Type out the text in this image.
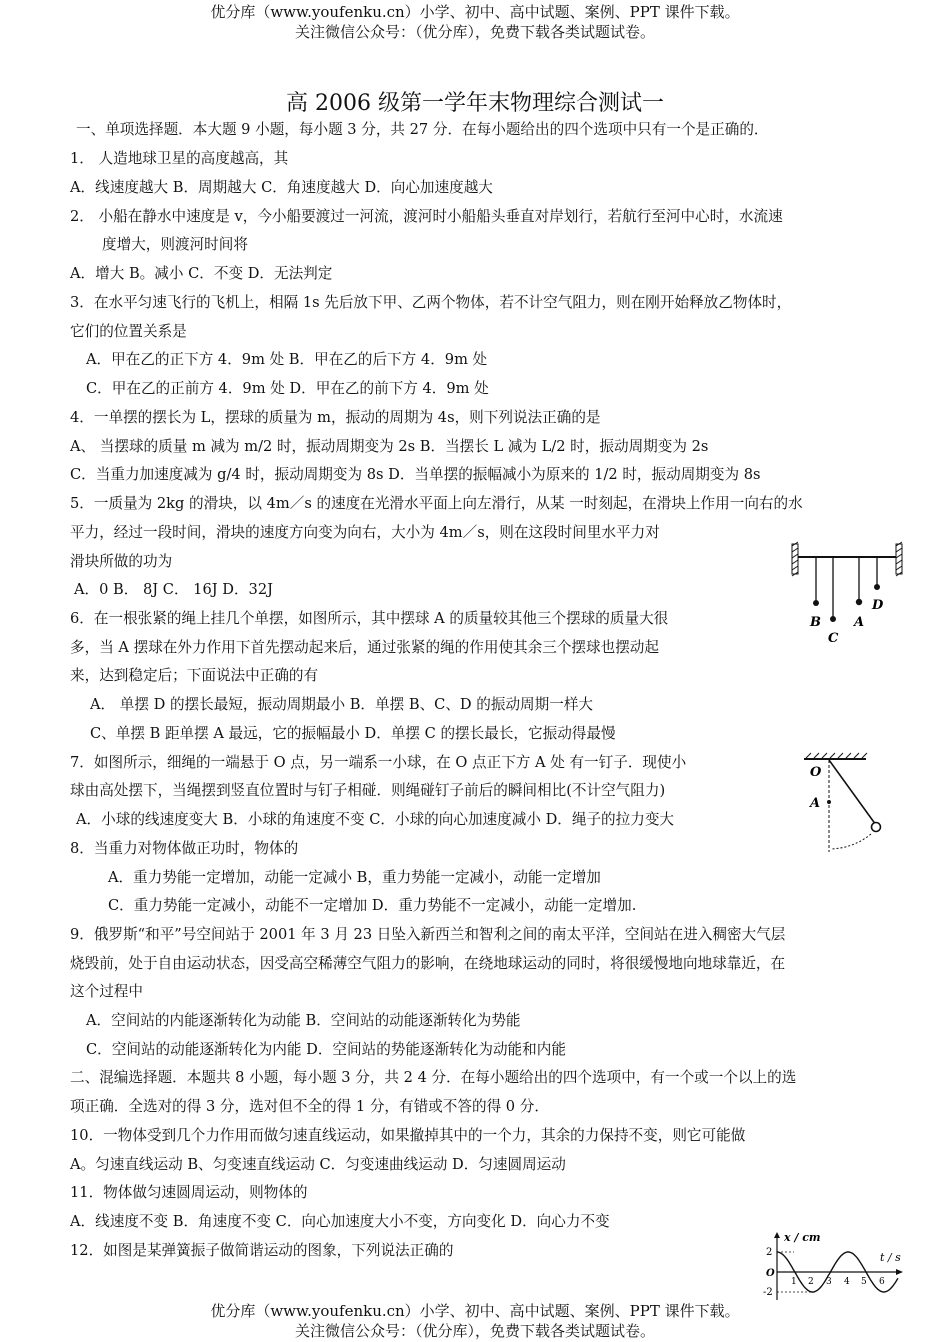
优分库（www.youfenku.cn）小学、初中、高中试题、案例、PPT 课件下载。
关注微信公众号：（优分库），免费下载各类试题试卷。
高 2006 级第一学年末物理综合测试一
一、单项选择题．本大题 9 小题，每小题 3 分，共 27 分．在每小题给出的四个选项中只有一个是正确的．
1． 人造地球卫星的高度越高，其
A．线速度越大 B．周期越大 C．角速度越大 D．向心加速度越大
2． 小船在静水中速度是 v，今小船要渡过一河流，渡河时小船船头垂直对岸划行，若航行至河中心时，水流速
度增大，则渡河时间将
A．增大 B。减小 C．不变 D．无法判定
3．在水平匀速飞行的飞机上，相隔 1s 先后放下甲、乙两个物体，若不计空气阻力，则在刚开始释放乙物体时，
它们的位置关系是
A．甲在乙的正下方 4．9m 处 B．甲在乙的后下方 4．9m 处
C．甲在乙的正前方 4．9m 处 D．甲在乙的前下方 4．9m 处
4．一单摆的摆长为 L，摆球的质量为 m，振动的周期为 4s，则下列说法正确的是
A、 当摆球的质量 m 减为 m/2 时，振动周期变为 2s B．当摆长 L 减为 L/2 时，振动周期变为 2s
C．当重力加速度减为 g/4 时，振动周期变为 8s D．当单摆的振幅减小为原来的 1/2 时，振动周期变为 8s
5．一质量为 2kg 的滑块，以 4m／s 的速度在光滑水平面上向左滑行，从某 一时刻起，在滑块上作用一向右的水
平力，经过一段时间，滑块的速度方向变为向右，大小为 4m／s，则在这段时间里水平力对
滑块所做的功为
A．0 B． 8J C． 16J D．32J
6．在一根张紧的绳上挂几个单摆，如图所示，其中摆球 A 的质量较其他三个摆球的质量大很
多，当 A 摆球在外力作用下首先摆动起来后，通过张紧的绳的作用使其余三个摆球也摆动起
来，达到稳定后；下面说法中正确的有
A． 单摆 D 的摆长最短，振动周期最小 B．单摆 B、C、D 的振动周期一样大
C、单摆 B 距单摆 A 最远，它的振幅最小 D．单摆 C 的摆长最长，它振动得最慢
7．如图所示，细绳的一端悬于 O 点，另一端系一小球，在 O 点正下方 A 处 有一钉子．现使小
球由高处摆下，当绳摆到竖直位置时与钉子相碰．则绳碰钉子前后的瞬间相比(不计空气阻力)
A．小球的线速度变大 B．小球的角速度不变 C．小球的向心加速度减小 D．绳子的拉力变大
8．当重力对物体做正功时，物体的
A．重力势能一定增加，动能一定减小 B，重力势能一定减小，动能一定增加
C．重力势能一定减小，动能不一定增加 D．重力势能不一定减小，动能一定增加.
9．俄罗斯“和平”号空间站于 2001 年 3 月 23 日坠入新西兰和智利之间的南太平洋，空间站在进入稠密大气层
烧毁前，处于自由运动状态，因受高空稀薄空气阻力的影响，在绕地球运动的同时，将很缓慢地向地球靠近，在
这个过程中
A．空间站的内能逐渐转化为动能 B．空间站的动能逐渐转化为势能
C．空间站的动能逐渐转化为内能 D．空间站的势能逐渐转化为动能和内能
二、混编选择题．本题共 8 小题，每小题 3 分，共 2 4 分．在每小题给出的四个选项中，有一个或一个以上的选
项正确．全选对的得 3 分，选对但不全的得 1 分，有错或不答的得 0 分．
10．一物体受到几个力作用而做匀速直线运动，如果撤掉其中的一个力，其余的力保持不变，则它可能做
A。匀速直线运动 B、匀变速直线运动 C．匀变速曲线运动 D．匀速圆周运动
11．物体做匀速圆周运动，则物体的
A．线速度不变 B．角速度不变 C．向心加速度大小不变，方向变化 D．向心力不变
12．如图是某弹簧振子做简谐运动的图象，下列说法正确的
B
C
A
D
O
A
x / cm
t / s
O
2
-2
1 2 3 4 5 6
优分库（www.youfenku.cn）小学、初中、高中试题、案例、PPT 课件下载。
关注微信公众号：（优分库），免费下载各类试题试卷。
